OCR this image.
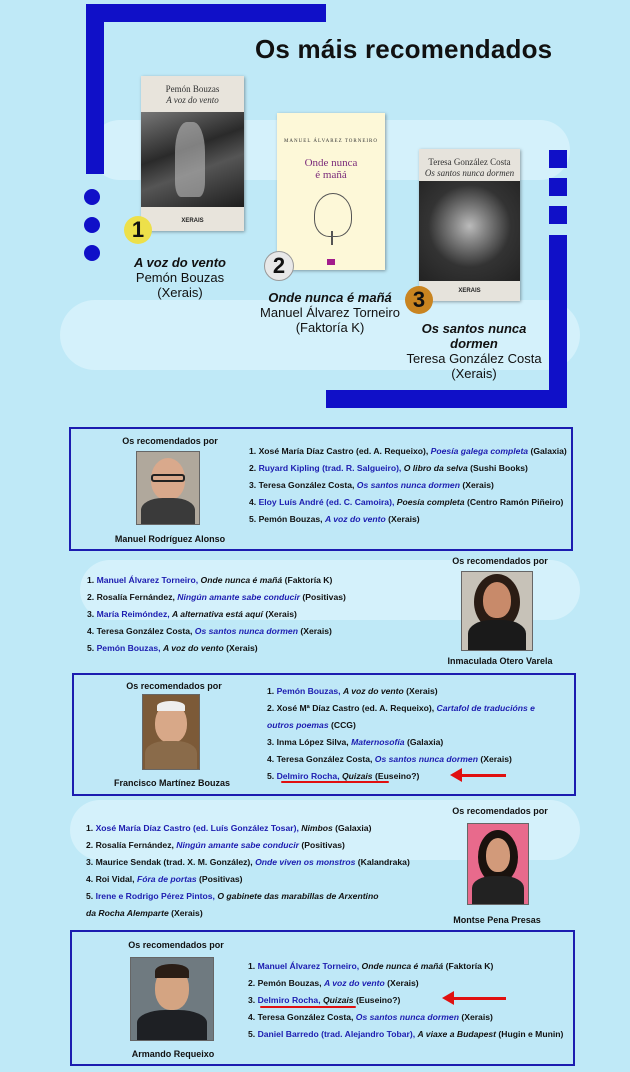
Os máis recomendados
Pemón Bouzas
A voz do vento
XERAIS
1
A voz do vento
Pemón Bouzas
(Xerais)
MANUEL ÁLVAREZ TORNEIRO
Onde nunca
é mañá
2
Onde nunca é mañá
Manuel Álvarez Torneiro
(Faktoría K)
Teresa González Costa
Os santos nunca dormen
XERAIS
3
Os santos nunca dormen
Teresa González Costa
(Xerais)
Os recomendados por
Manuel Rodríguez Alonso
1. Xosé María Díaz Castro (ed. A. Requeixo), Poesía galega completa (Galaxia)
2. Ruyard Kipling (trad. R. Salgueiro), O libro da selva (Sushi Books)
3. Teresa González Costa, Os santos nunca dormen (Xerais)
4. Eloy Luís André (ed. C. Camoira), Poesía completa (Centro Ramón Piñeiro)
5. Pemón Bouzas, A voz do vento (Xerais)
1. Manuel Álvarez Torneiro, Onde nunca é mañá (Faktoría K)
2. Rosalía Fernández, Ningún amante sabe conducir (Positivas)
3. María Reimóndez, A alternativa está aquí (Xerais)
4. Teresa González Costa, Os santos nunca dormen (Xerais)
5. Pemón Bouzas, A voz do vento (Xerais)
Os recomendados por
Inmaculada Otero Varela
Os recomendados por
Francisco Martínez Bouzas
1. Pemón Bouzas, A voz do vento (Xerais)
2. Xosé Mª Díaz Castro (ed. A. Requeixo), Cartafol de traducións e
outros poemas (CCG)
3. Inma López Silva, Maternosofía (Galaxia)
4. Teresa González Costa, Os santos nunca dormen (Xerais)
5. Delmiro Rocha, Quizais (Euseino?)
1. Xosé María Díaz Castro (ed. Luís González Tosar), Nimbos (Galaxia)
2. Rosalía Fernández, Ningún amante sabe conducir (Positivas)
3. Maurice Sendak (trad. X. M. González), Onde viven os monstros (Kalandraka)
4. Roi Vidal, Fóra de portas (Positivas)
5. Irene e Rodrigo Pérez Pintos, O gabinete das marabillas de Arxentino
da Rocha Alemparte (Xerais)
Os recomendados por
Montse Pena Presas
Os recomendados por
Armando Requeixo
1. Manuel Álvarez Torneiro, Onde nunca é mañá (Faktoría K)
2. Pemón Bouzas, A voz do vento (Xerais)
3. Delmiro Rocha, Quizais (Euseino?)
4. Teresa González Costa, Os santos nunca dormen (Xerais)
5. Daniel Barredo (trad. Alejandro Tobar), A viaxe a Budapest (Hugin e Munin)
